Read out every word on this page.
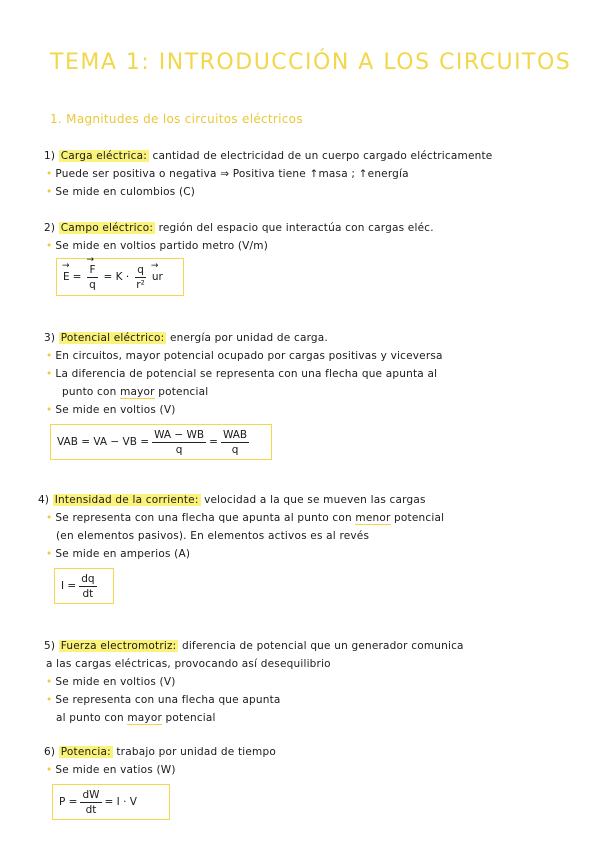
TEMA 1: INTRODUCCIÓN A LOS CIRCUITOS
1. Magnitudes de los circuitos eléctricos
1) Carga eléctrica: cantidad de electricidad de un cuerpo cargado eléctricamente
• Puede ser positiva o negativa ⇒ Positiva tiene ↑masa ; ↑energía
• Se mide en culombios (C)
2) Campo eléctrico: región del espacio que interactúa con cargas eléc.
• Se mide en voltios partido metro (V/m)
→ E = → $\frac{F}{q} = K \cdot \frac{q}{\text{r²}}$ → ur
3) Potencial eléctrico: energía por unidad de carga.
• En circuitos, mayor potencial ocupado por cargas positivas y viceversa
• La diferencia de potencial se representa con una flecha que apunta al
punto con mayor potencial
• Se mide en voltios (V)
VAB = VA − VB = $\frac{WA - WB}{q} = \frac{\text{WAB}}{q}$
4) Intensidad de la corriente: velocidad a la que se mueven las cargas
• Se representa con una flecha que apunta al punto con menor potencial
(en elementos pasivos). En elementos activos es al revés
• Se mide en amperios (A)
$I = \frac{dq}{dt}$
5) Fuerza electromotriz: diferencia de potencial que un generador comunica
a las cargas eléctricas, provocando así desequilibrio
• Se mide en voltios (V)
• Se representa con una flecha que apunta
al punto con mayor potencial
6) Potencia: trabajo por unidad de tiempo
• Se mide en vatios (W)
$P = \frac{dW}{dt} = I \cdot V$
